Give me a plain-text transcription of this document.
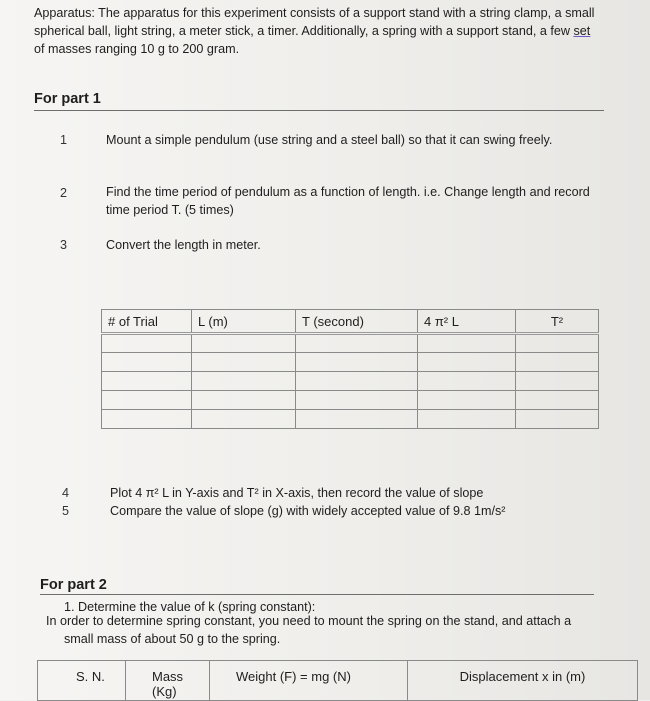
Apparatus: The apparatus for this experiment consists of a support stand with a string clamp, a small spherical ball, light string, a meter stick, a timer. Additionally, a spring with a support stand, a few set of masses ranging 10 g to 200 gram.
For part 1
1	Mount a simple pendulum (use string and a steel ball) so that it can swing freely.
2	Find the time period of pendulum as a function of length. i.e. Change length and record time period T. (5 times)
3	Convert the length in meter.
# of Trial	L (m)	T (second)	4 π² L	T²

4	Plot 4 π² L in Y-axis and T² in X-axis, then record the value of slope
5	Compare the value of slope (g) with widely accepted value of 9.8 1m/s²
For part 2
1. Determine the value of k (spring constant):
In order to determine spring constant, you need to mount the spring on the stand, and attach a small mass of about 50 g to the spring.
S. N.	Mass (Kg)	Weight (F) = mg (N)	Displacement x in (m)
